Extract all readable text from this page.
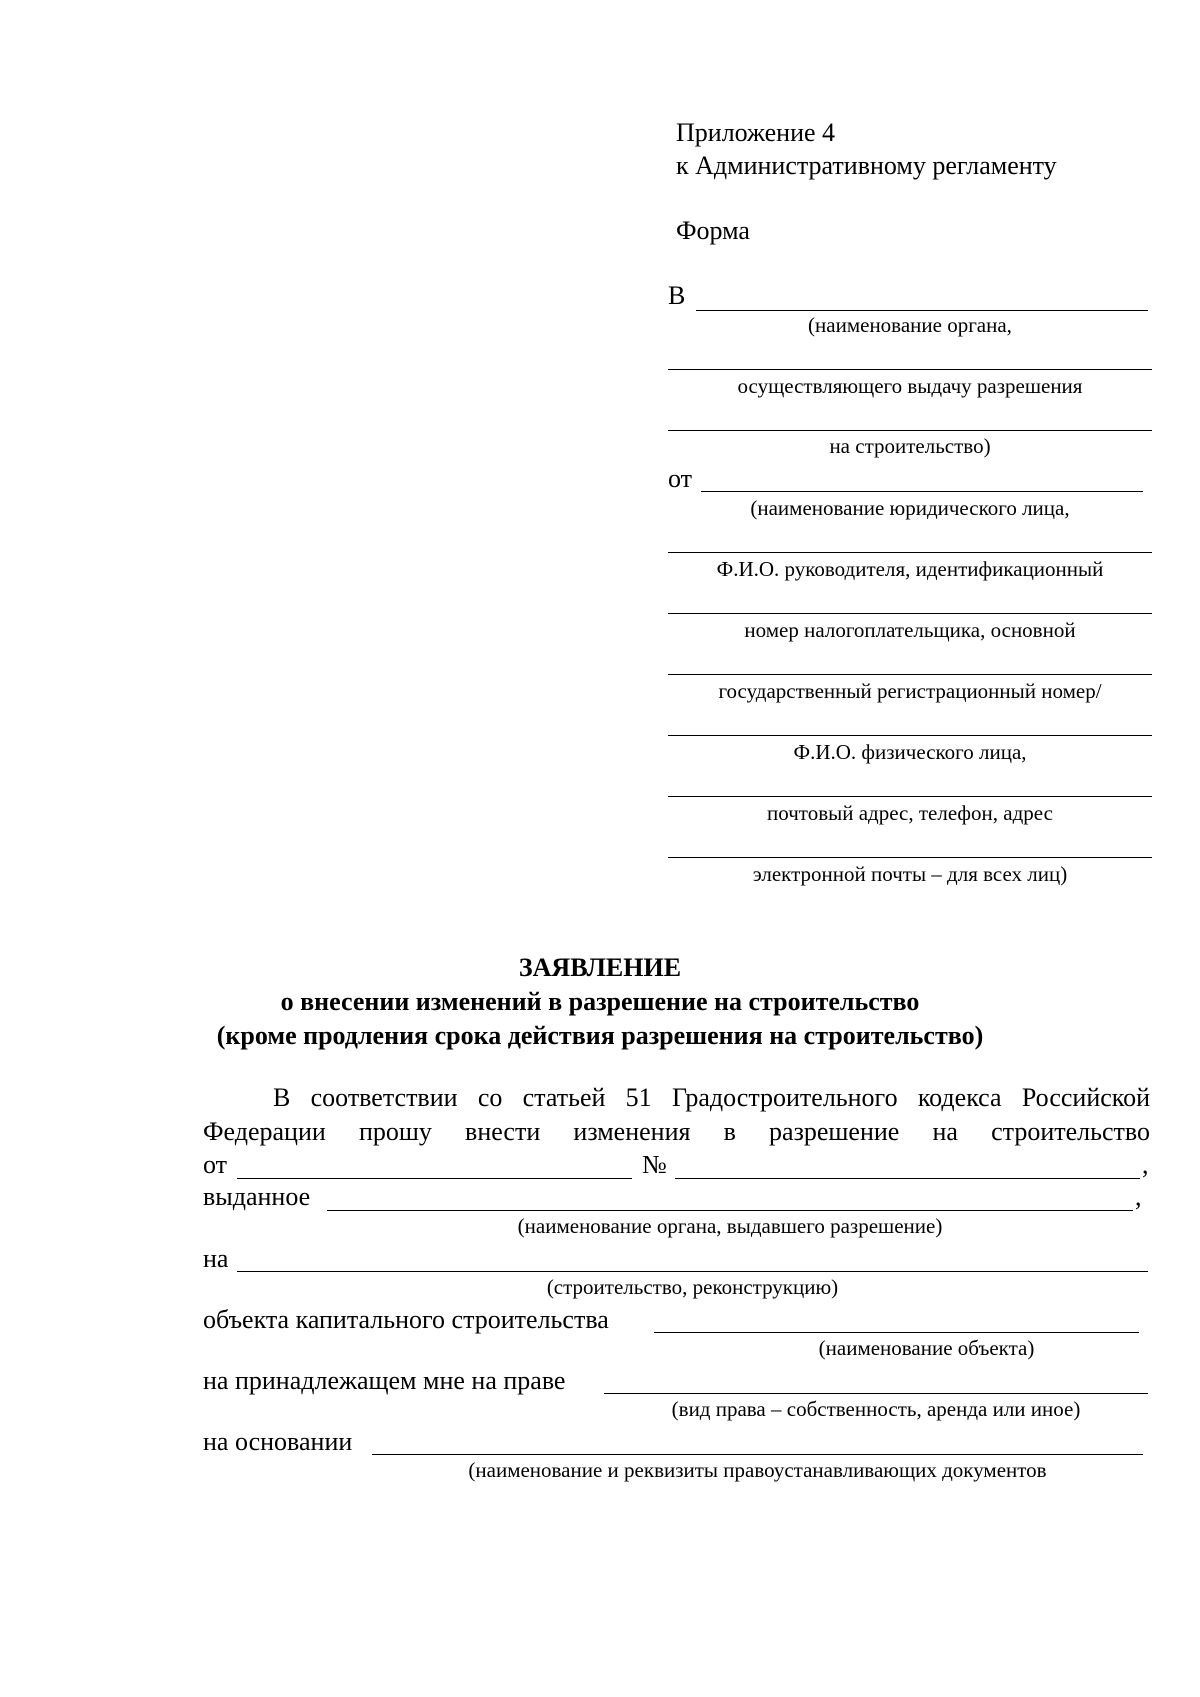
Приложение 4
к Административному регламенту
Форма
В
(наименование органа,
осуществляющего выдачу разрешения
на строительство)
от
(наименование юридического лица,
Ф.И.О. руководителя, идентификационный
номер налогоплательщика, основной
государственный регистрационный номер/
Ф.И.О. физического лица,
почтовый адрес, телефон, адрес
электронной почты – для всех лиц)
ЗАЯВЛЕНИЕ
о внесении изменений в разрешение на строительство
(кроме продления срока действия разрешения на строительство)
В соответствии со статьей 51 Градостроительного кодекса Российской
Федерации прошу внести изменения в разрешение на строительство
от	№	,
выданное	,
(наименование органа, выдавшего разрешение)
на
(строительство, реконструкцию)
объекта капитального строительства
(наименование объекта)
на принадлежащем мне на праве
(вид права – собственность, аренда или иное)
на основании
(наименование и реквизиты правоустанавливающих документов
